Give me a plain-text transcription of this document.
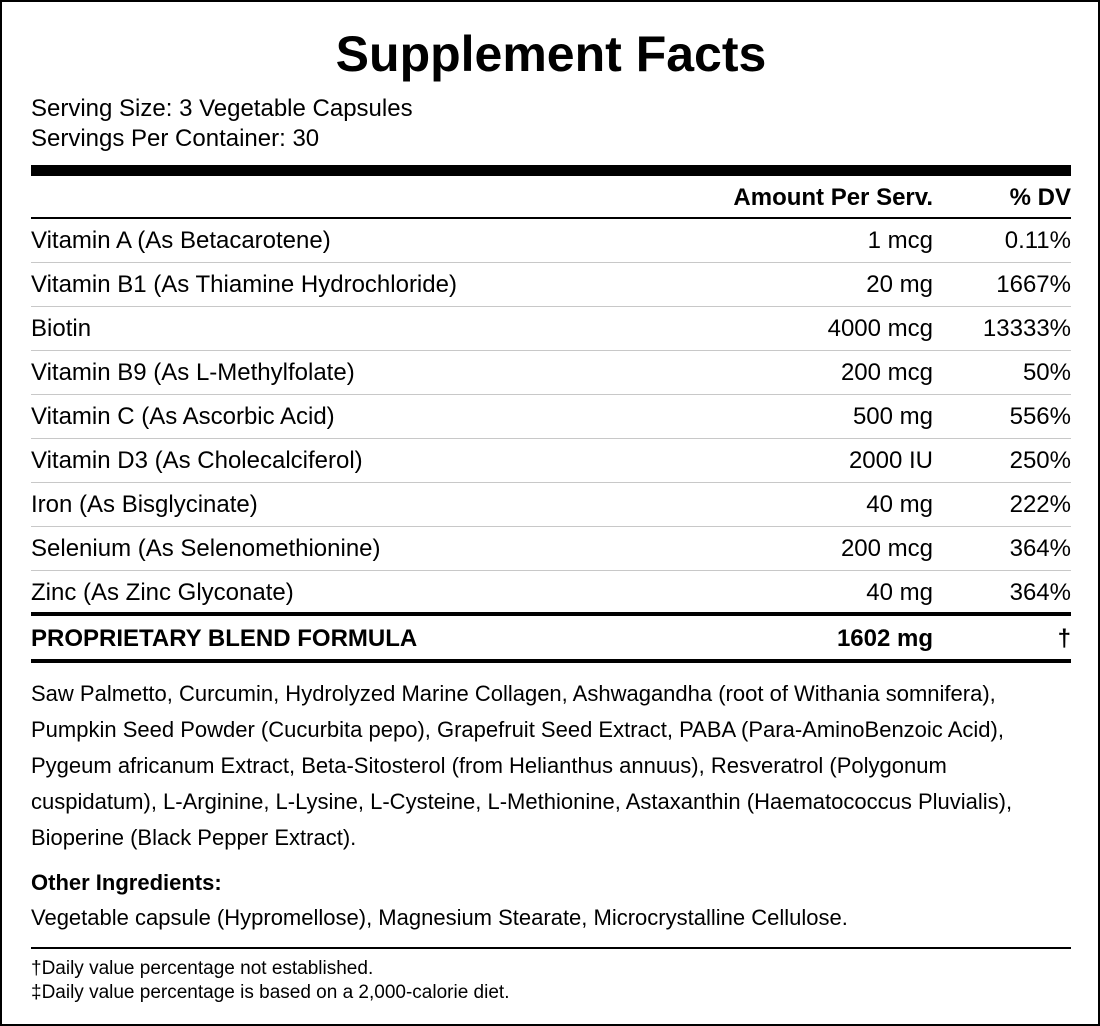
Supplement Facts
Serving Size: 3 Vegetable Capsules
Servings Per Container: 30
Amount Per Serv.	% DV
Vitamin A (As Betacarotene)	1 mcg	0.11%
Vitamin B1 (As Thiamine Hydrochloride)	20 mg	1667%
Biotin	4000 mcg 13333%
Vitamin B9 (As L-Methylfolate)	200 mcg	50%
Vitamin C (As Ascorbic Acid)	500 mg	556%
Vitamin D3 (As Cholecalciferol)	2000 IU	250%
Iron (As Bisglycinate)	40 mg	222%
Selenium (As Selenomethionine)	200 mcg	364%
Zinc (As Zinc Glyconate)	40 mg	364%
PROPRIETARY BLEND FORMULA	1602 mg	†
Saw Palmetto, Curcumin, Hydrolyzed Marine Collagen, Ashwagandha (root of Withania somnifera), Pumpkin Seed Powder (Cucurbita pepo), Grapefruit Seed Extract, PABA (Para-AminoBenzoic Acid), Pygeum africanum Extract, Beta-Sitosterol (from Helianthus annuus), Resveratrol (Polygonum cuspidatum), L-Arginine, L-Lysine, L-Cysteine, L-Methionine, Astaxanthin (Haematococcus Pluvialis), Bioperine (Black Pepper Extract).
Other Ingredients:
Vegetable capsule (Hypromellose), Magnesium Stearate, Microcrystalline Cellulose.
†Daily value percentage not established.
‡Daily value percentage is based on a 2,000-calorie diet.
